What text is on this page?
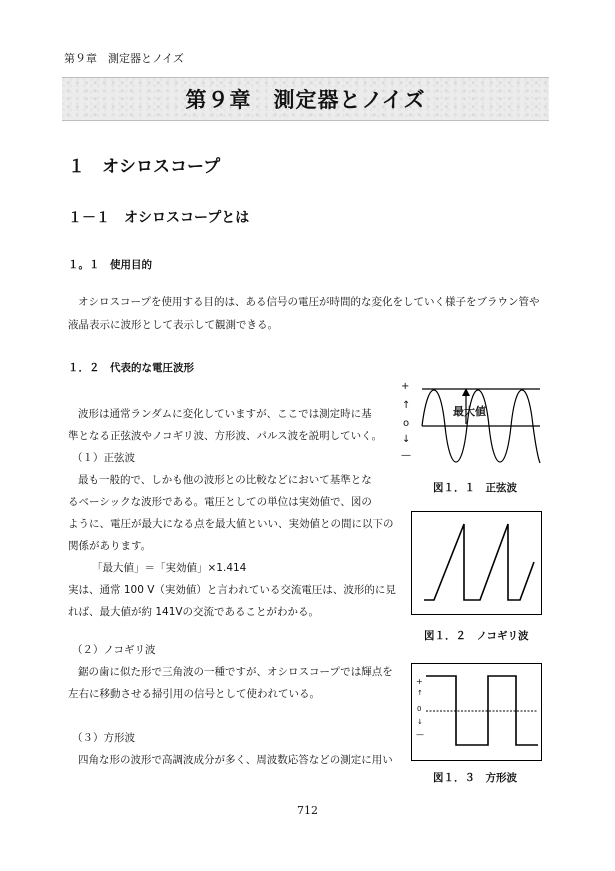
第９章　測定器とノイズ
第９章　測定器とノイズ
１　オシロスコープ
１－１　オシロスコープとは
１。１　使用目的
オシロスコープを使用する目的は、ある信号の電圧が時間的な変化をしていく様子をブラウン管や
液晶表示に波形として表示して観測できる。
１．２　代表的な電圧波形
波形は通常ランダムに変化していますが、ここでは測定時に基
準となる正弦波やノコギリ波、方形波、パルス波を説明していく。
（１）正弦波
最も一般的で、しかも他の波形との比較などにおいて基準とな
るベーシックな波形である。電圧としての単位は実効値で、図の
ように、電圧が最大になる点を最大値といい、実効値との間に以下の
関係があります。
「最大値」＝「実効値」×1.414
実は、通常 100 V（実効値）と言われている交流電圧は、波形的に見
れば、最大値が約 141Vの交流であることがわかる。
（２）ノコギリ波
鋸の歯に似た形で三角波の一種ですが、オシロスコープでは輝点を
左右に移動させる掃引用の信号として使われている。
（３）方形波
四角な形の波形で高調波成分が多く、周波数応答などの測定に用い
+
↑
o
↓
—
最大値
図１．１　正弦波
図１．２　ノコギリ波
+
↑
0
↓
—
図１．３　方形波
712
